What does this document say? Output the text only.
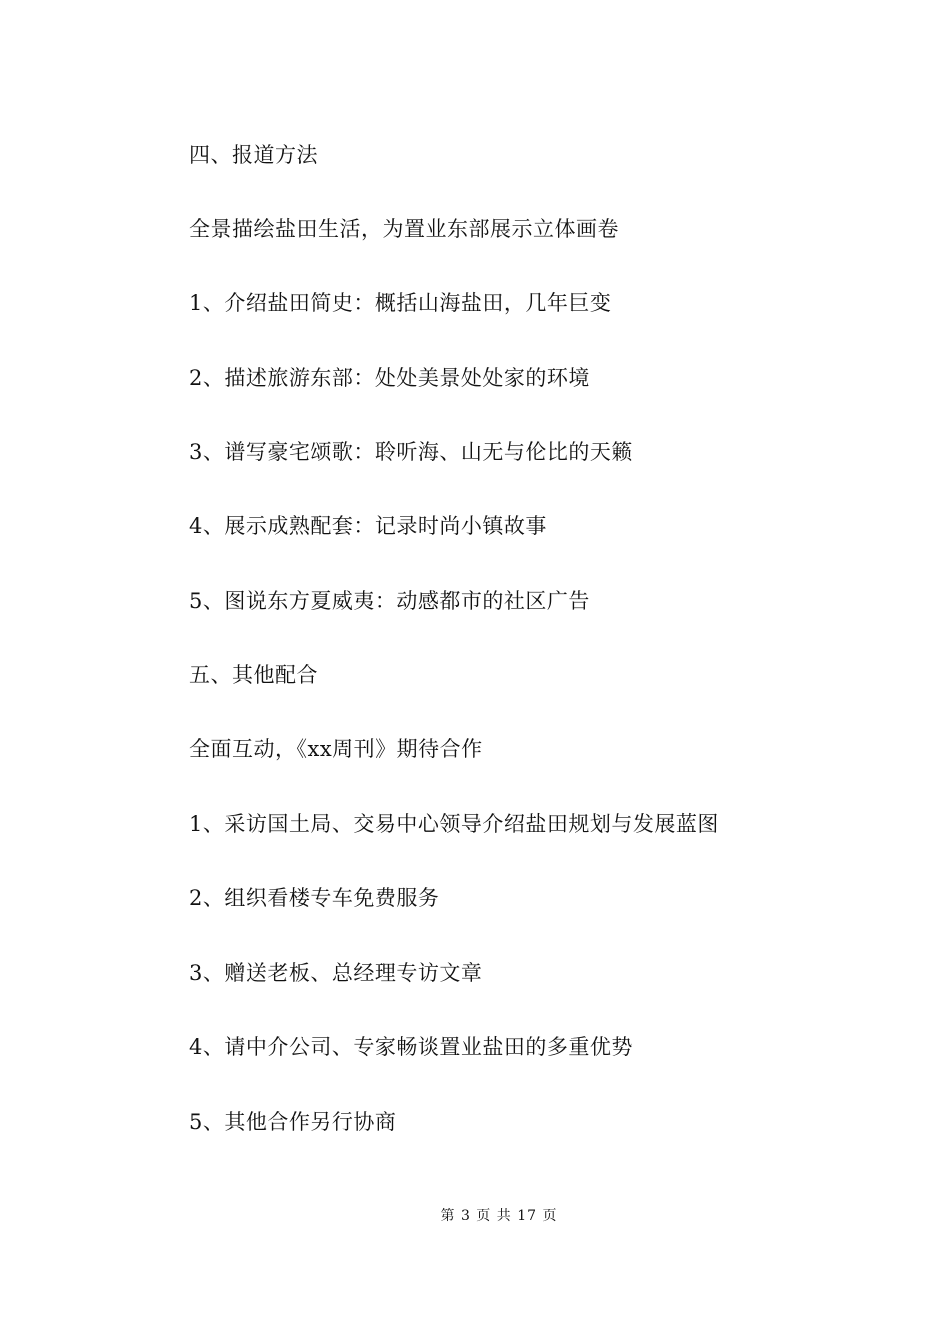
四、报道方法
全景描绘盐田生活，为置业东部展示立体画卷
1、介绍盐田简史：概括山海盐田，几年巨变
2、描述旅游东部：处处美景处处家的环境
3、谱写豪宅颂歌：聆听海、山无与伦比的天籁
4、展示成熟配套：记录时尚小镇故事
5、图说东方夏威夷：动感都市的社区广告
五、其他配合
全面互动，《xx周刊》期待合作
1、采访国土局、交易中心领导介绍盐田规划与发展蓝图
2、组织看楼专车免费服务
3、赠送老板、总经理专访文章
4、请中介公司、专家畅谈置业盐田的多重优势
5、其他合作另行协商
第 3 页 共 17 页
